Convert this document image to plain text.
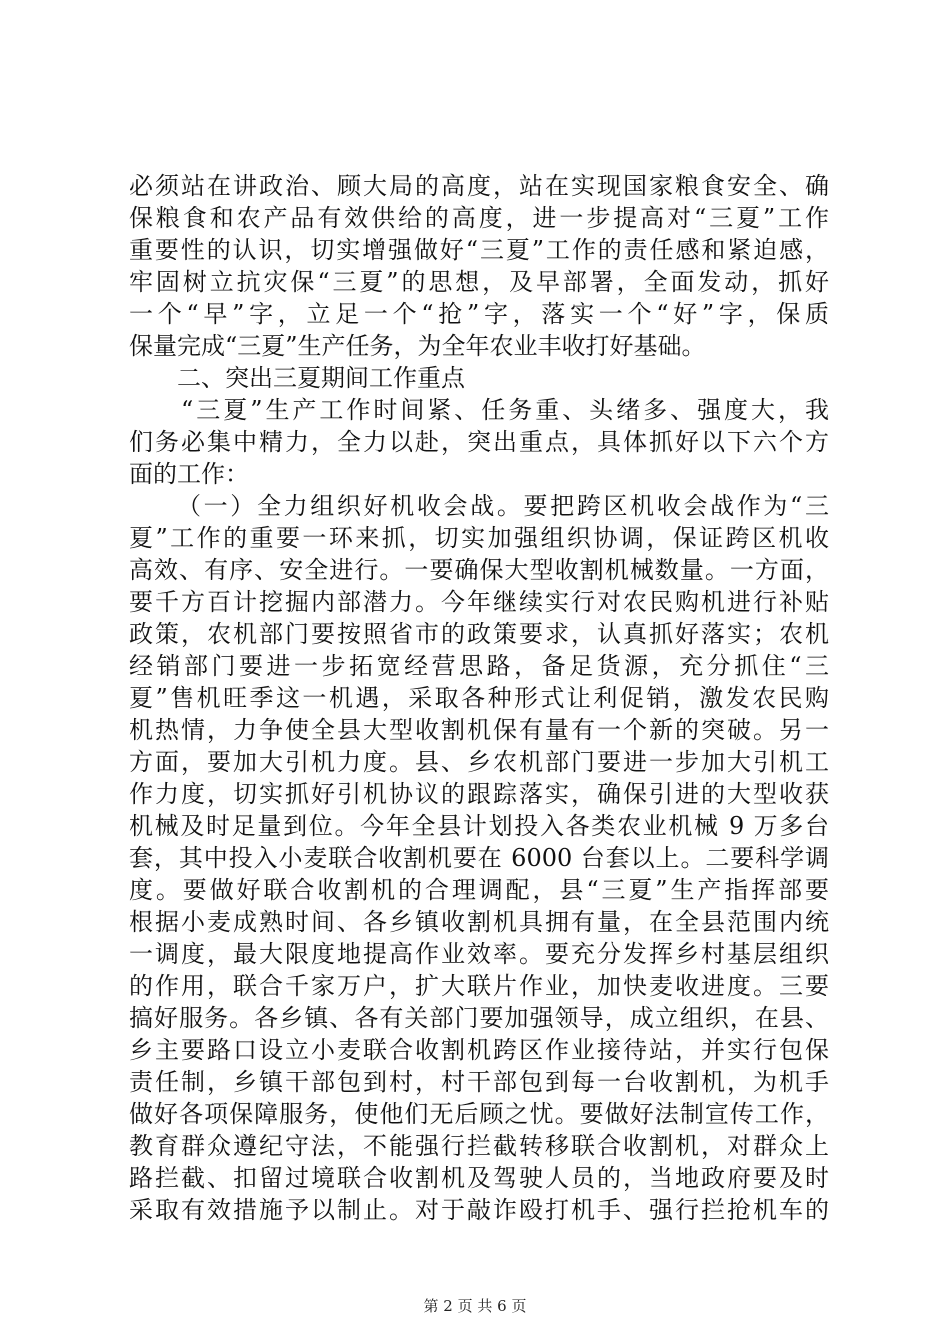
必须站在讲政治、顾大局的高度，站在实现国家粮食安全、确
保粮食和农产品有效供给的高度，进一步提高对“三夏”工作
重要性的认识，切实增强做好“三夏”工作的责任感和紧迫感，
牢固树立抗灾保“三夏”的思想，及早部署，全面发动，抓好
一个“早”字，立足一个“抢”字，落实一个“好”字，保质
保量完成“三夏”生产任务，为全年农业丰收打好基础。
二、突出三夏期间工作重点
“三夏”生产工作时间紧、任务重、头绪多、强度大，我
们务必集中精力，全力以赴，突出重点，具体抓好以下六个方
面的工作：
（一）全力组织好机收会战。要把跨区机收会战作为“三
夏”工作的重要一环来抓，切实加强组织协调，保证跨区机收
高效、有序、安全进行。一要确保大型收割机械数量。一方面，
要千方百计挖掘内部潜力。今年继续实行对农民购机进行补贴
政策，农机部门要按照省市的政策要求，认真抓好落实；农机
经销部门要进一步拓宽经营思路，备足货源，充分抓住“三
夏”售机旺季这一机遇，采取各种形式让利促销，激发农民购
机热情，力争使全县大型收割机保有量有一个新的突破。另一
方面，要加大引机力度。县、乡农机部门要进一步加大引机工
作力度，切实抓好引机协议的跟踪落实，确保引进的大型收获
机械及时足量到位。今年全县计划投入各类农业机械 9 万多台
套，其中投入小麦联合收割机要在 6000 台套以上。二要科学调
度。要做好联合收割机的合理调配，县“三夏”生产指挥部要
根据小麦成熟时间、各乡镇收割机具拥有量，在全县范围内统
一调度，最大限度地提高作业效率。要充分发挥乡村基层组织
的作用，联合千家万户，扩大联片作业，加快麦收进度。三要
搞好服务。各乡镇、各有关部门要加强领导，成立组织，在县、
乡主要路口设立小麦联合收割机跨区作业接待站，并实行包保
责任制，乡镇干部包到村，村干部包到每一台收割机，为机手
做好各项保障服务，使他们无后顾之忧。要做好法制宣传工作，
教育群众遵纪守法，不能强行拦截转移联合收割机，对群众上
路拦截、扣留过境联合收割机及驾驶人员的，当地政府要及时
采取有效措施予以制止。对于敲诈殴打机手、强行拦抢机车的
第 2 页 共 6 页
